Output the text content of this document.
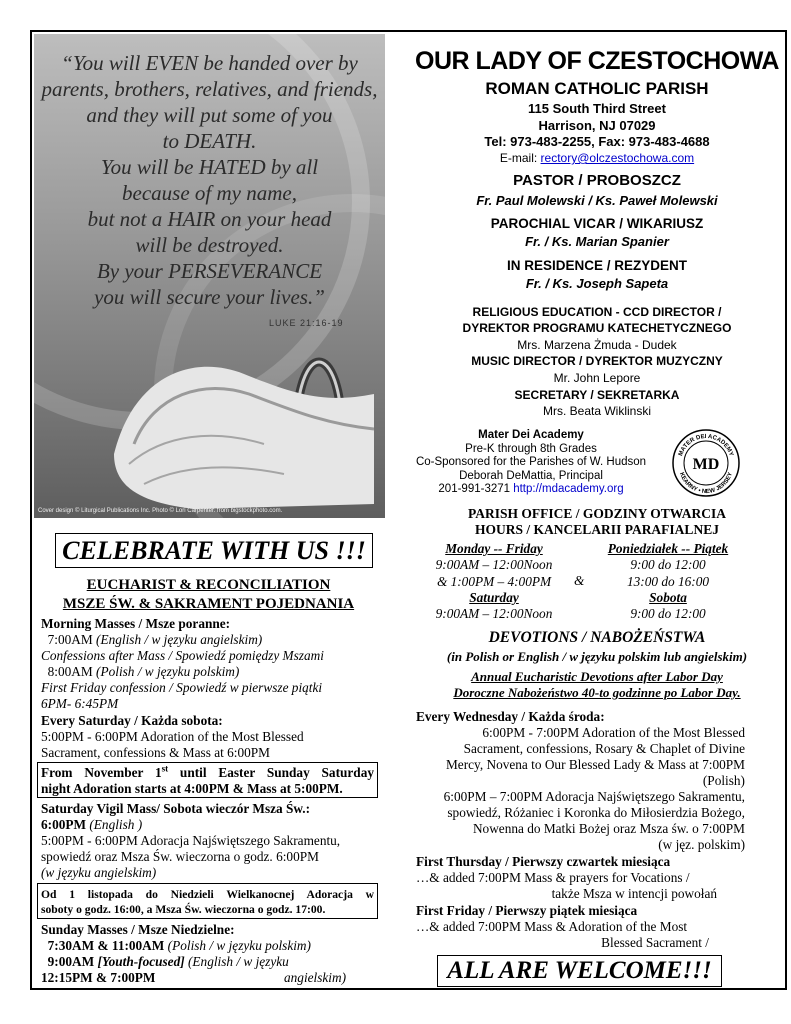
“You will EVEN be handed over by
parents, brothers, relatives, and friends,
and they will put some of you
to DEATH.
You will be HATED by all
because of my name,
but not a HAIR on your head
will be destroyed.
By your PERSEVERANCE
you will secure your lives.”
LUKE 21:16-19
Cover design © Liturgical Publications Inc. Photo © Lori Carpenter. from bigstockphoto.com.
OUR LADY OF CZESTOCHOWA
ROMAN CATHOLIC PARISH
115 South Third Street
Harrison, NJ 07029
Tel: 973-483-2255, Fax: 973-483-4688
E-mail: rectory@olczestochowa.com
PASTOR / PROBOSZCZ
Fr. Paul Molewski / Ks. Paweł Molewski
PAROCHIAL VICAR / WIKARIUSZ
Fr. / Ks. Marian Spanier
IN RESIDENCE / REZYDENT
Fr. / Ks. Joseph Sapeta
RELIGIOUS EDUCATION - CCD DIRECTOR /
DYREKTOR PROGRAMU KATECHETYCZNEGO
Mrs. Marzena Żmuda - Dudek
MUSIC DIRECTOR / DYREKTOR MUZYCZNY
Mr. John Lepore
SECRETARY / SEKRETARKA
Mrs. Beata Wiklinski
Mater Dei Academy
Pre-K through 8th Grades
Co-Sponsored for the Parishes of W. Hudson
Deborah DeMattia, Principal
201-991-3271 http://mdacademy.org
MATER DEI ACADEMY
KEARNY • NEW JERSEY
MD
PARISH OFFICE / GODZINY OTWARCIA
HOURS / KANCELARII PARAFIALNEJ
Monday -- Friday
9:00AM – 12:00Noon
& 1:00PM – 4:00PM
Saturday
9:00AM – 12:00Noon
&
Poniedziałek -- Piątek
9:00 do 12:00
13:00 do 16:00
Sobota
9:00 do 12:00
DEVOTIONS / NABOŻEŃSTWA
(in Polish or English / w języku polskim lub angielskim)
Annual Eucharistic Devotions after Labor Day
Doroczne Nabożeństwo 40-to godzinne po Labor Day.
Every Wednesday / Każda środa:
6:00PM - 7:00PM Adoration of the Most Blessed
Sacrament, confessions, Rosary & Chaplet of Divine
Mercy, Novena to Our Blessed Lady & Mass at 7:00PM
(Polish)
6:00PM – 7:00PM Adoracja Najświętszego Sakramentu,
spowiedź, Różaniec i Koronka do Miłosierdzia Bożego,
Nowenna do Matki Bożej oraz Msza św. o 7:00PM
(w jęz. polskim)
First Thursday / Pierwszy czwartek miesiąca
…& added 7:00PM Mass & prayers for Vocations /
także Msza w intencji powołań
First Friday / Pierwszy piątek miesiąca
…& added 7:00PM Mass & Adoration of the Most
Blessed Sacrament /
ALL ARE WELCOME!!!
CELEBRATE WITH US !!!
EUCHARIST & RECONCILIATION
MSZE ŚW. & SAKRAMENT POJEDNANIA
Morning Masses / Msze poranne:
7:00AM (English / w języku angielskim)
Confessions after Mass / Spowiedź pomiędzy Mszami
8:00AM (Polish / w języku polskim)
First Friday confession / Spowiedź w pierwsze piątki
6PM- 6:45PM
Every Saturday / Każda sobota:
5:00PM - 6:00PM Adoration of the Most Blessed
Sacrament, confessions & Mass at 6:00PM
From November 1st until Easter Sunday Saturday
night Adoration starts at 4:00PM & Mass at 5:00PM.
Saturday Vigil Mass/ Sobota wieczór Msza Św.:
6:00PM (English )
5:00PM - 6:00PM Adoracja Najświętszego Sakramentu,
spowiedź oraz Msza Św. wieczorna o godz. 6:00PM
(w języku angielskim)
Od 1 listopada do Niedzieli Wielkanocnej Adoracja w
soboty o godz. 16:00, a Msza Św. wieczorna o godz. 17:00.
Sunday Masses / Msze Niedzielne:
7:30AM & 11:00AM (Polish / w języku polskim)
9:00AM [Youth-focused] (English / w języku
12:15PM & 7:00PM	angielskim)
